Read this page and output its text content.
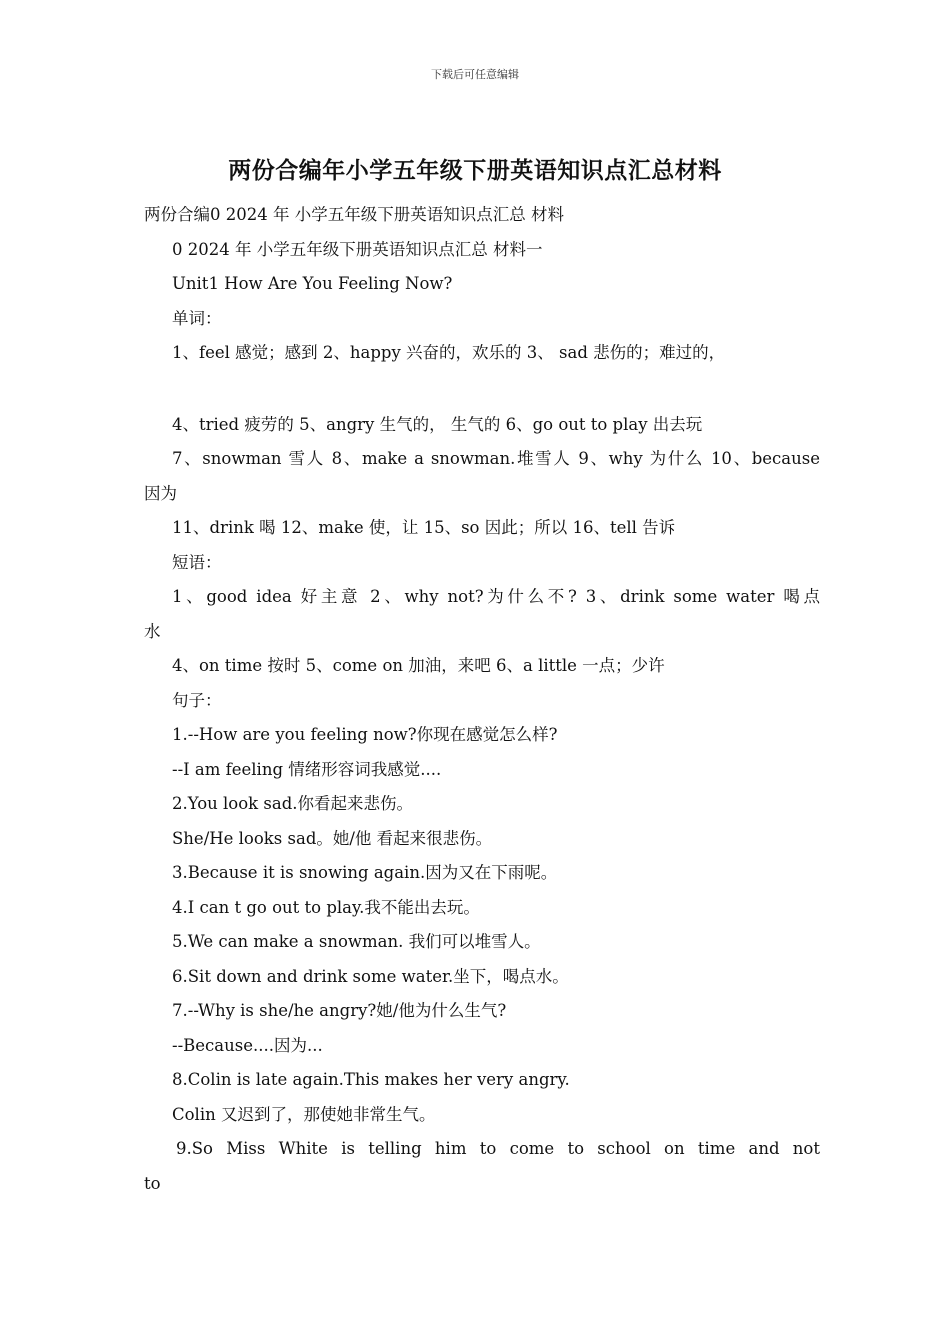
下载后可任意编辑
两份合编年小学五年级下册英语知识点汇总材料
两份合编0 2024 年 小学五年级下册英语知识点汇总 材料
0 2024 年 小学五年级下册英语知识点汇总 材料一
Unit1 How Are You Feeling Now?
单词：
1、feel 感觉；感到 2、happy 兴奋的，欢乐的 3、 sad 悲伤的；难过的，
4、tried 疲劳的 5、angry 生气的， 生气的 6、go out to play 出去玩
7、snowman 雪人 8、make a snowman.堆雪人 9、why 为什么 10、because
因为
11、drink 喝 12、make 使，让 15、so 因此；所以 16、tell 告诉
短语：
1、good idea 好主意 2、why not?为什么不? 3、drink some water 喝点
水
4、on time 按时 5、come on 加油，来吧 6、a little 一点；少许
句子：
1.--How are you feeling now?你现在感觉怎么样?
--I am feeling 情绪形容词我感觉....
2.You look sad.你看起来悲伤。
She/He looks sad。她/他 看起来很悲伤。
3.Because it is snowing again.因为又在下雨呢。
4.I can t go out to play.我不能出去玩。
5.We can make a snowman. 我们可以堆雪人。
6.Sit down and drink some water.坐下，喝点水。
7.--Why is she/he angry?她/他为什么生气?
--Because....因为...
8.Colin is late again.This makes her very angry.
Colin 又迟到了，那使她非常生气。
9.So Miss White is telling him to come to school on time and not
to
